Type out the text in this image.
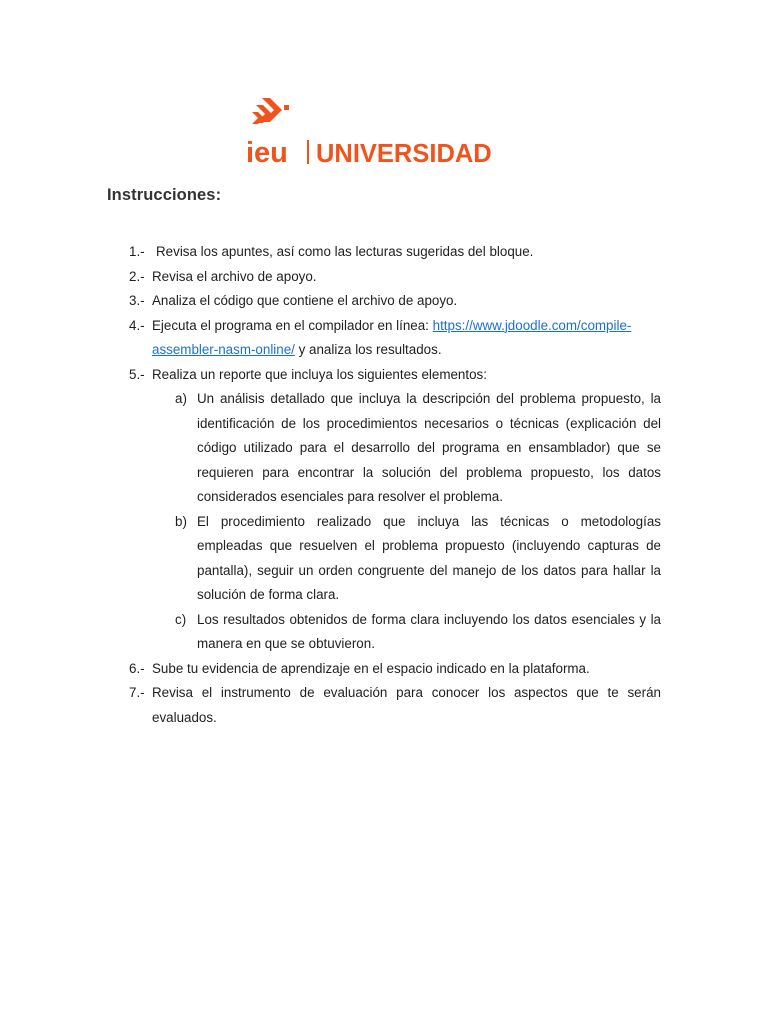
ieu UNIVERSIDAD
Instrucciones:
1.- Revisa los apuntes, así como las lecturas sugeridas del bloque.
2.- Revisa el archivo de apoyo.
3.- Analiza el código que contiene el archivo de apoyo.
4.- Ejecuta el programa en el compilador en línea: https://www.jdoodle.com/compile-
assembler-nasm-online/ y analiza los resultados.
5.- Realiza un reporte que incluya los siguientes elementos:
a) Un análisis detallado que incluya la descripción del problema propuesto, la identificación de los procedimientos necesarios o técnicas (explicación del código utilizado para el desarrollo del programa en ensamblador) que se requieren para encontrar la solución del problema propuesto, los datos considerados esenciales para resolver el problema.
b) El procedimiento realizado que incluya las técnicas o metodologías empleadas que resuelven el problema propuesto (incluyendo capturas de pantalla), seguir un orden congruente del manejo de los datos para hallar la solución de forma clara.
c) Los resultados obtenidos de forma clara incluyendo los datos esenciales y la manera en que se obtuvieron.
6.- Sube tu evidencia de aprendizaje en el espacio indicado en la plataforma.
7.- Revisa el instrumento de evaluación para conocer los aspectos que te serán evaluados.
